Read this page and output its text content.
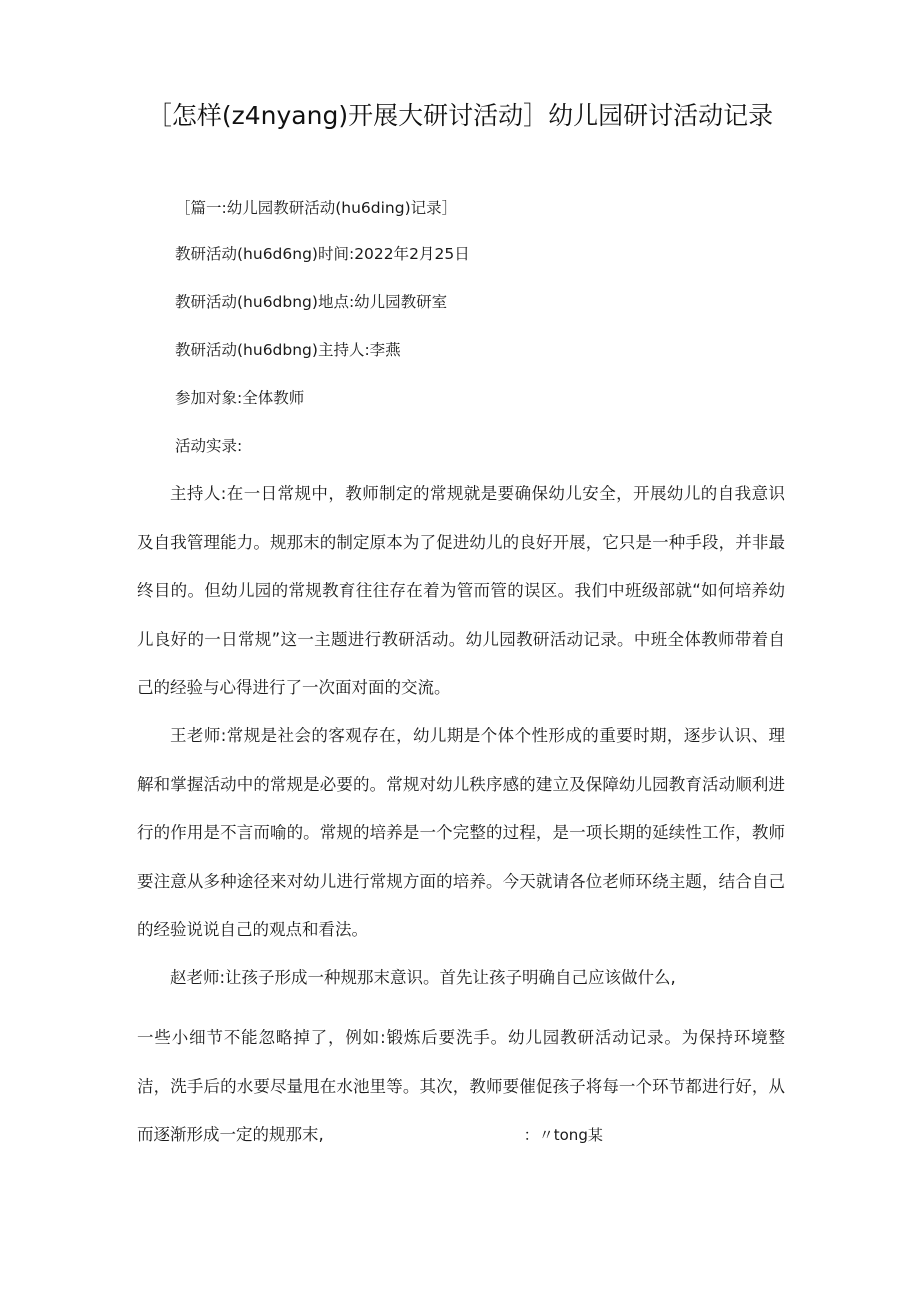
［怎样(z4nyang)开展大研讨活动］幼儿园研讨活动记录
［篇一:幼儿园教研活动(hu6ding)记录］
教研活动(hu6d6ng)时间:2022年2月25日
教研活动(hu6dbng)地点:幼儿园教研室
教研活动(hu6dbng)主持人:李燕
参加对象:全体教师
活动实录:
主持人:在一日常规中，教师制定的常规就是要确保幼儿安全，开展幼儿的自我意识及自我管理能力。规那末的制定原本为了促进幼儿的良好开展，它只是一种手段，并非最终目的。但幼儿园的常规教育往往存在着为管而管的误区。我们中班级部就“如何培养幼儿良好的一日常规”这一主题进行教研活动。幼儿园教研活动记录。中班全体教师带着自己的经验与心得进行了一次面对面的交流。
王老师:常规是社会的客观存在，幼儿期是个体个性形成的重要时期，逐步认识、理解和掌握活动中的常规是必要的。常规对幼儿秩序感的建立及保障幼儿园教育活动顺利进行的作用是不言而喻的。常规的培养是一个完整的过程，是一项长期的延续性工作，教师要注意从多种途径来对幼儿进行常规方面的培养。今天就请各位老师环绕主题，结合自己的经验说说自己的观点和看法。
赵老师:让孩子形成一种规那末意识。首先让孩子明确自己应该做什么,
一些小细节不能忽略掉了，例如:锻炼后要洗手。幼儿园教研活动记录。为保持环境整洁，洗手后的水要尽量甩在水池里等。其次，教师要催促孩子将每一个环节都进行好，从而逐渐形成一定的规那末,	：〃tong某
